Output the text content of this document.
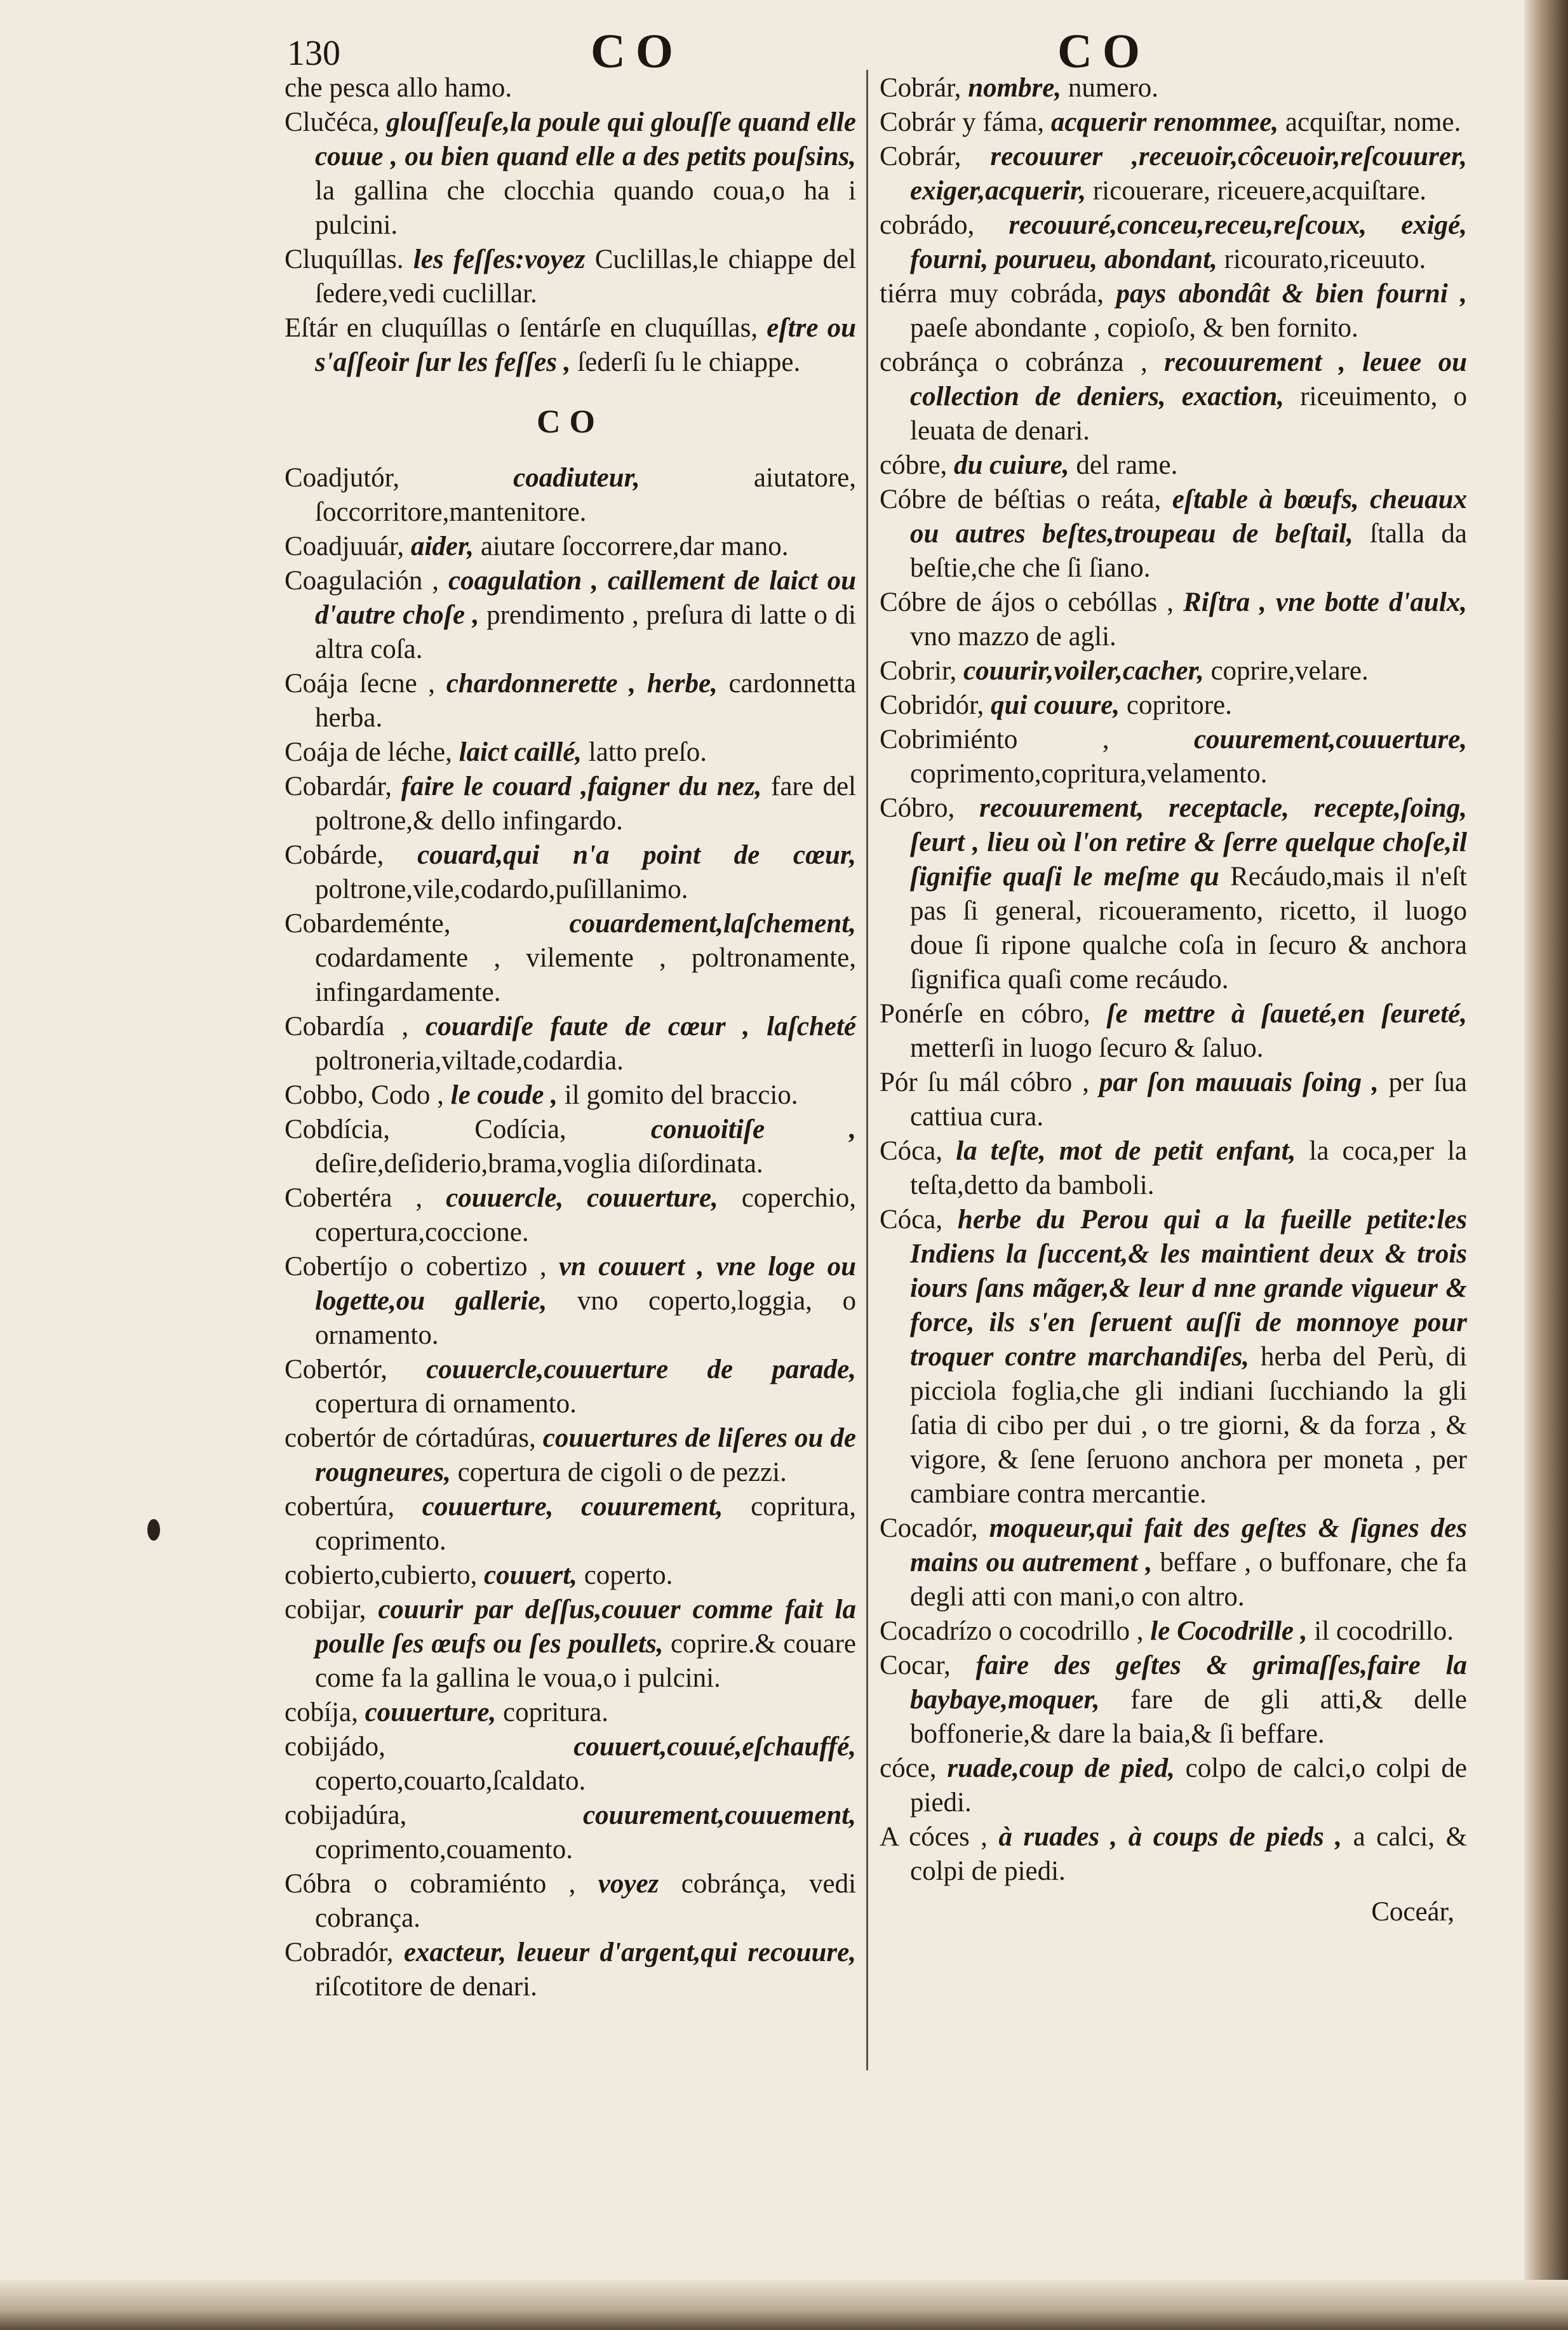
130	CO	CO

che pesca allo hamo.

Clučéca, glouſſeuſe,la poule qui glouſſe quand elle couue , ou bien quand elle a des petits pouſsins, la gallina che clocchia quando coua,o ha i pulcini.

Cluquíllas. les feſſes:voyez Cuclillas,le chiappe del ſedere,vedi cuclillar.

Eſtár en cluquíllas o ſentárſe en cluquíllas, eſtre ou s'aſſeoir ſur les feſſes , ſederſi ſu le chiappe.

CO

Coadjutór,	coadiuteur,	aiutatore, ſoccorritore,mantenitore.

Coadjuuár, aider, aiutare ſoccorrere,dar mano.

Coagulación , coagulation , caillement de laict ou d'autre choſe , prendimento , preſura di latte o di altra coſa.

Coája ſecne , chardonnerette , herbe, cardonnetta herba.

Coája de léche, laict caillé, latto preſo.

Cobardár, faire le couard ,faigner du nez, fare del poltrone,& dello infingardo.

Cobárde, couard,qui n'a point de cœur, poltrone,vile,codardo,puſillanimo.

Cobardeménte,	couardement,laſchement, codardamente , vilemente , poltronamente, infingardamente.

Cobardía , couardiſe faute de cœur , laſcheté poltroneria,viltade,codardia.

Cobbo, Codo , le coude , il gomito del braccio.

Cobdícia, Codícia,	conuoitiſe , deſire,deſiderio,brama,voglia diſordinata.

Cobertéra , couuercle, couuerture, coperchio, copertura,coccione.

Cobertíjo o cobertizo , vn couuert , vne loge ou logette,ou gallerie, vno coperto,loggia, o ornamento.

Cobertór, couuercle,couuerture de parade, copertura di ornamento.

cobertór de córtadúras, couuertures de liſeres ou de rougneures, copertura de cigoli o de pezzi.

cobertúra, couuerture, couurement, copritura, coprimento.

cobierto,cubierto, couuert, coperto.

cobijar, couurir par deſſus,couuer comme fait la poulle ſes œufs ou ſes poullets, coprire.& couare come fa la gallina le voua,o i pulcini.

cobíja, couuerture, copritura.

cobijádo,	couuert,couué,eſchauffé, coperto,couarto,ſcaldato.

cobijadúra,	couurement,couuement, coprimento,couamento.

Cóbra o cobramiénto , voyez cobránça, vedi cobrança.

Cobradór, exacteur, leueur d'argent,qui recouure, riſcotitore de denari.

Cobrár, nombre, numero.

Cobrár y fáma, acquerir renommee, acquiſtar, nome.

Cobrár, recouurer ,receuoir,côceuoir,reſcouurer, exiger,acquerir, ricouerare, riceuere,acquiſtare.

cobrádo, recouuré,conceu,receu,reſcoux, exigé, fourni, pourueu, abondant, ricourato,riceuuto.

tiérra muy cobráda, pays abondât & bien fourni , paeſe abondante , copioſo, & ben fornito.

cobránça o cobránza , recouurement , leuee ou collection de deniers, exaction, riceuimento, o leuata de denari.

cóbre, du cuiure, del rame.

Cóbre de béſtias o reáta, eſtable à bœufs, cheuaux ou autres beſtes,troupeau de beſtail, ſtalla da beſtie,che che ſi ſiano.

Cóbre de ájos o cebóllas , Riſtra , vne botte d'aulx, vno mazzo de agli.

Cobrir, couurir,voiler,cacher, coprire,velare.

Cobridór, qui couure, copritore.

Cobrimiénto ,	couurement,couuerture, coprimento,copritura,velamento.

Cóbro, recouurement, receptacle, recepte,ſoing, ſeurt , lieu où l'on retire & ſerre quelque choſe,il ſignifie quaſi le meſme qu Recáudo,mais il n'eſt pas ſi general, ricoueramento, ricetto, il luogo doue ſi ripone qualche coſa in ſecuro & anchora ſignifica quaſi come recáudo.

Ponérſe en cóbro, ſe mettre à ſaueté,en ſeureté, metterſi in luogo ſecuro & ſaluo.

Pór ſu mál cóbro , par ſon mauuais ſoing , per ſua cattiua cura.

Cóca, la teſte, mot de petit enfant, la coca,per la teſta,detto da bamboli.

Cóca, herbe du Perou qui a la fueille petite:les Indiens la ſuccent,& les maintient deux & trois iours ſans mãger,& leur d nne grande vigueur & force, ils s'en ſeruent auſſi de monnoye pour troquer contre marchandiſes, herba del Perù, di picciola foglia,che gli indiani ſucchiando la gli ſatia di cibo per dui , o tre giorni, & da forza , & vigore, & ſene ſeruono anchora per moneta , per cambiare contra mercantie.

Cocadór, moqueur,qui fait des geſtes & ſignes des mains ou autrement , beffare , o buffonare, che fa degli atti con mani,o con altro.

Cocadrízo o cocodrillo , le Cocodrille , il cocodrillo.

Cocar, faire des geſtes & grimaſſes,faire la baybaye,moquer, fare de gli atti,& delle boffonerie,& dare la baia,& ſi beffare.

cóce, ruade,coup de pied, colpo de calci,o colpi de piedi.

A cóces , à ruades , à coups de pieds , a calci, & colpi de piedi.

Coceár,
